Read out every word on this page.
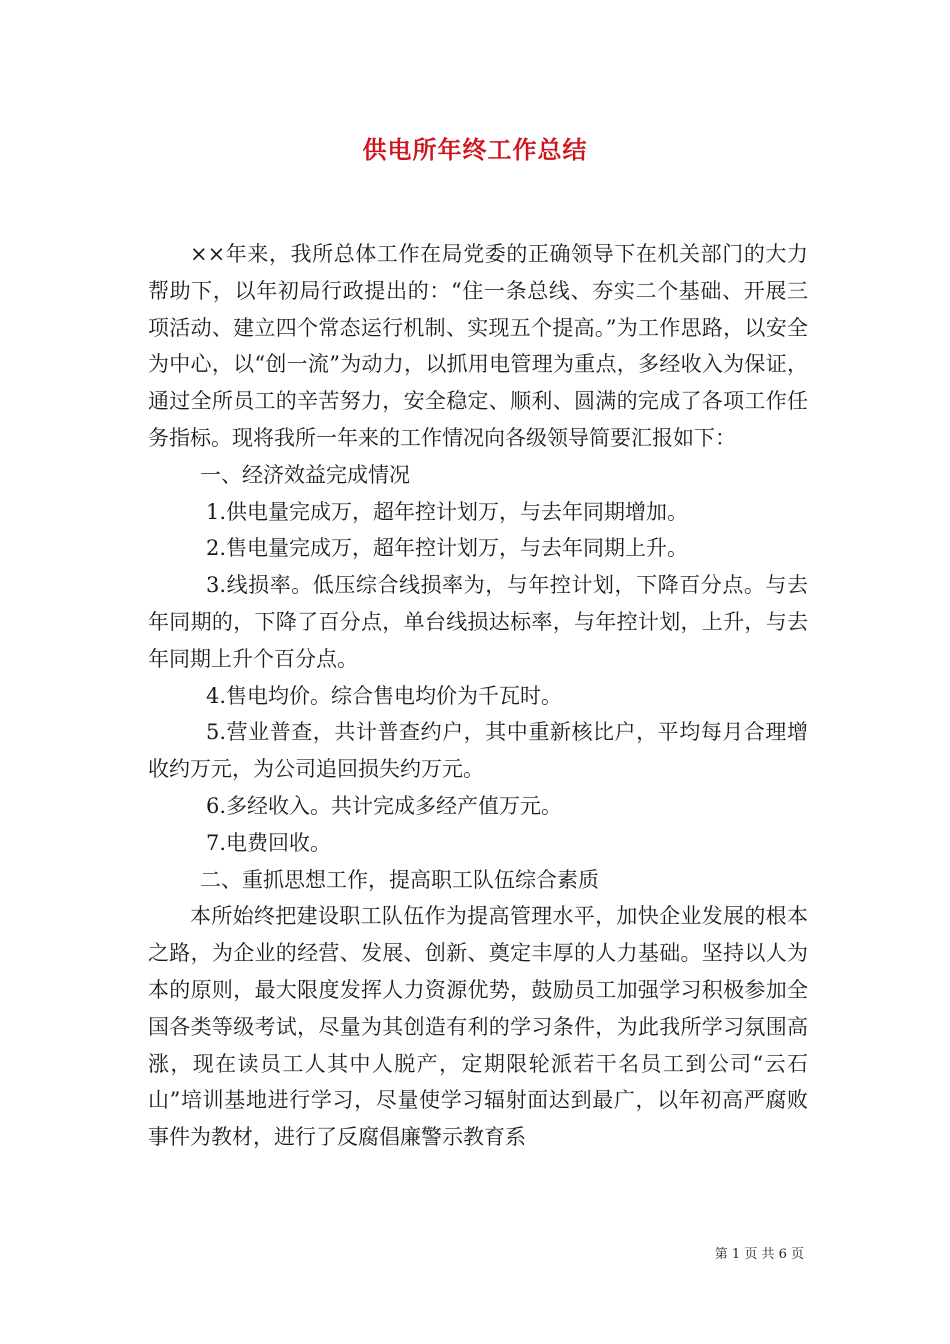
供电所年终工作总结

××年来，我所总体工作在局党委的正确领导下在机关部门的大力帮助下，以年初局行政提出的：“住一条总线、夯实二个基础、开展三项活动、建立四个常态运行机制、实现五个提高。”为工作思路，以安全为中心，以“创一流”为动力，以抓用电管理为重点，多经收入为保证，通过全所员工的辛苦努力，安全稳定、顺利、圆满的完成了各项工作任务指标。现将我所一年来的工作情况向各级领导简要汇报如下：

一、经济效益完成情况

1.供电量完成万，超年控计划万，与去年同期增加。

2.售电量完成万，超年控计划万，与去年同期上升。

3.线损率。低压综合线损率为，与年控计划，下降百分点。与去年同期的，下降了百分点，单台线损达标率，与年控计划，上升，与去年同期上升个百分点。

4.售电均价。综合售电均价为千瓦时。

5.营业普查，共计普查约户，其中重新核比户，平均每月合理增收约万元，为公司追回损失约万元。

6.多经收入。共计完成多经产值万元。

7.电费回收。

二、重抓思想工作，提高职工队伍综合素质

本所始终把建设职工队伍作为提高管理水平，加快企业发展的根本之路，为企业的经营、发展、创新、奠定丰厚的人力基础。坚持以人为本的原则，最大限度发挥人力资源优势，鼓励员工加强学习积极参加全国各类等级考试，尽量为其创造有利的学习条件，为此我所学习氛围高涨，现在读员工人其中人脱产，定期限轮派若干名员工到公司“云石山”培训基地进行学习，尽量使学习辐射面达到最广，以年初高严腐败事件为教材，进行了反腐倡廉警示教育系

第 1 页 共 6 页
